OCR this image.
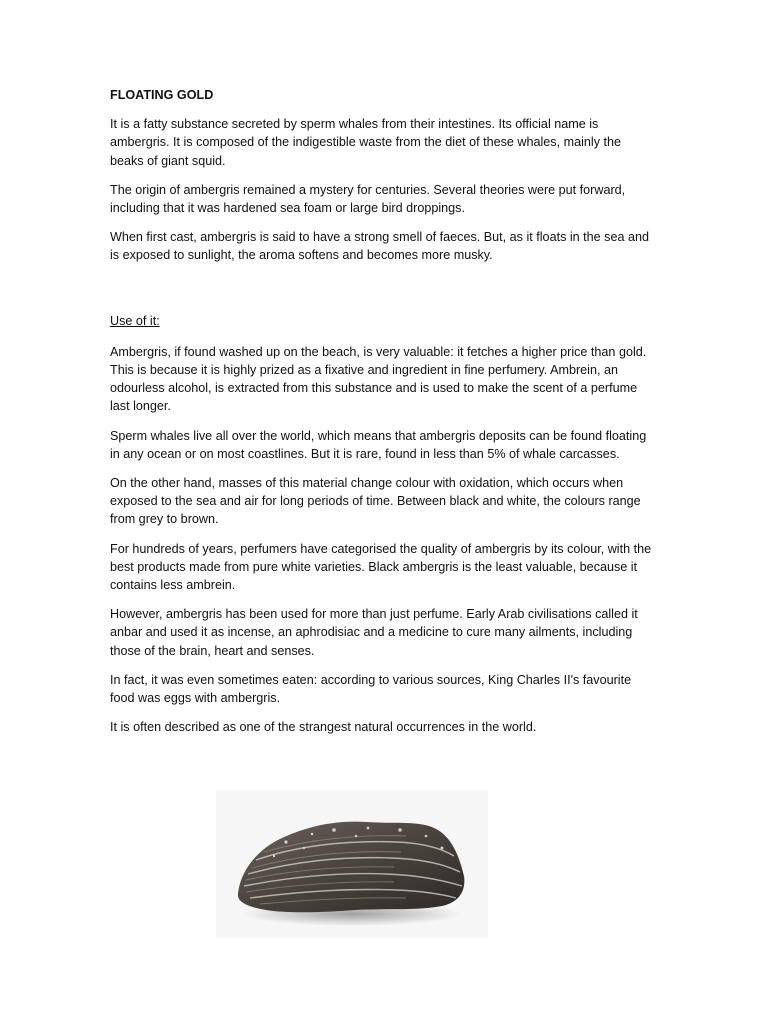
FLOATING GOLD

It is a fatty substance secreted by sperm whales from their intestines. Its official name is ambergris. It is composed of the indigestible waste from the diet of these whales, mainly the beaks of giant squid.

The origin of ambergris remained a mystery for centuries. Several theories were put forward, including that it was hardened sea foam or large bird droppings.

When first cast, ambergris is said to have a strong smell of faeces. But, as it floats in the sea and is exposed to sunlight, the aroma softens and becomes more musky.

Use of it:

Ambergris, if found washed up on the beach, is very valuable: it fetches a higher price than gold. This is because it is highly prized as a fixative and ingredient in fine perfumery. Ambrein, an odourless alcohol, is extracted from this substance and is used to make the scent of a perfume last longer.

Sperm whales live all over the world, which means that ambergris deposits can be found floating in any ocean or on most coastlines. But it is rare, found in less than 5% of whale carcasses.

On the other hand, masses of this material change colour with oxidation, which occurs when exposed to the sea and air for long periods of time. Between black and white, the colours range from grey to brown.

For hundreds of years, perfumers have categorised the quality of ambergris by its colour, with the best products made from pure white varieties. Black ambergris is the least valuable, because it contains less ambrein.

However, ambergris has been used for more than just perfume. Early Arab civilisations called it anbar and used it as incense, an aphrodisiac and a medicine to cure many ailments, including those of the brain, heart and senses.

In fact, it was even sometimes eaten: according to various sources, King Charles II's favourite food was eggs with ambergris.

It is often described as one of the strangest natural occurrences in the world.
